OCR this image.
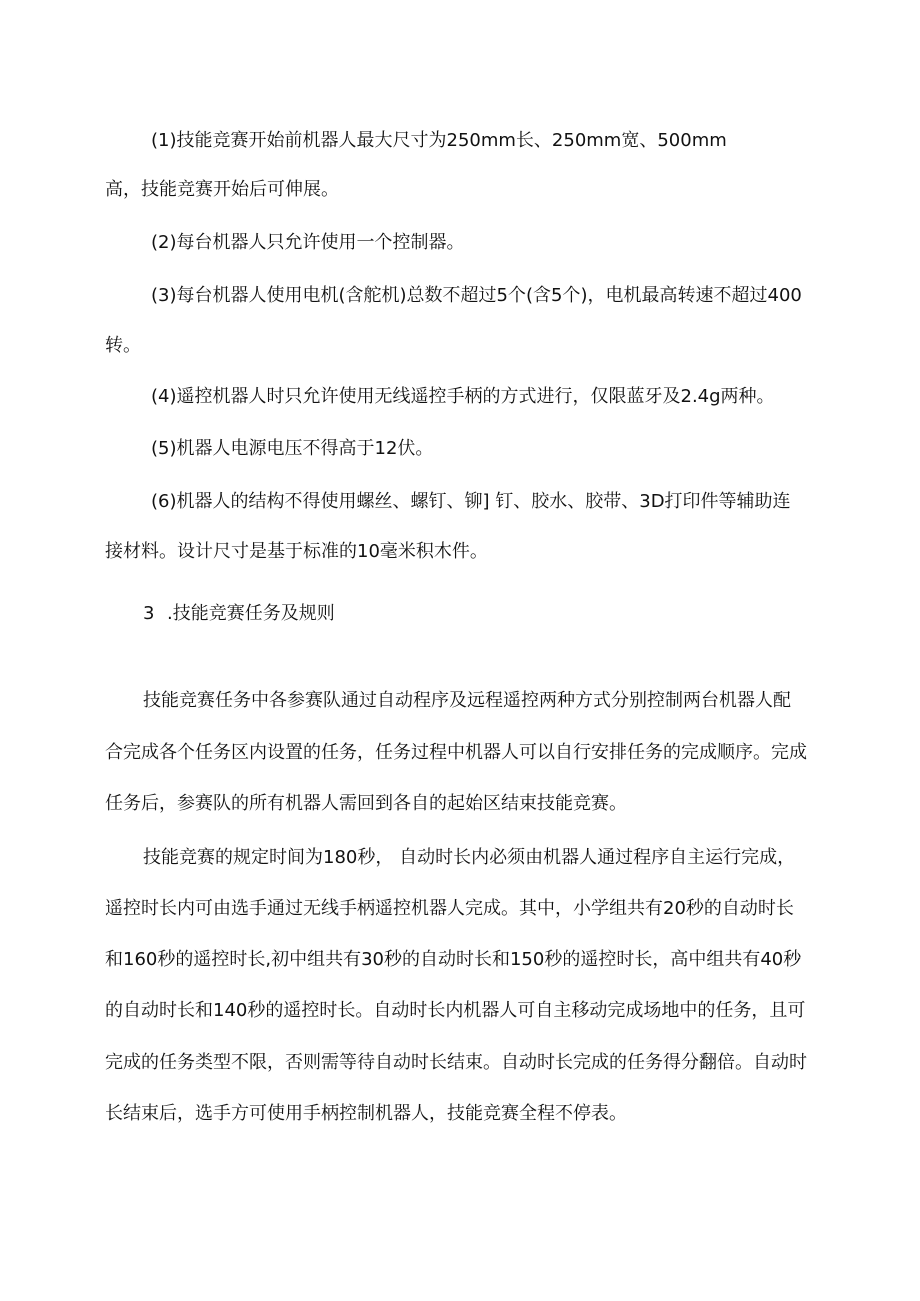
(1)技能竞赛开始前机器人最大尺寸为250mm长、250mm宽、500mm
高，技能竞赛开始后可伸展。
(2)每台机器人只允许使用一个控制器。
(3)每台机器人使用电机(含舵机)总数不超过5个(含5个)，电机最高转速不超过400
转。
(4)遥控机器人时只允许使用无线遥控手柄的方式进行，仅限蓝牙及2.4g两种。
(5)机器人电源电压不得高于12伏。
(6)机器人的结构不得使用螺丝、螺钉、铆] 钉、胶水、胶带、3D打印件等辅助连
接材料。设计尺寸是基于标准的10毫米积木件。
3 .技能竞赛任务及规则
技能竞赛任务中各参赛队通过自动程序及远程遥控两种方式分别控制两台机器人配
合完成各个任务区内设置的任务，任务过程中机器人可以自行安排任务的完成顺序。完成
任务后，参赛队的所有机器人需回到各自的起始区结束技能竞赛。
技能竞赛的规定时间为180秒， 自动时长内必须由机器人通过程序自主运行完成，
遥控时长内可由选手通过无线手柄遥控机器人完成。其中，小学组共有20秒的自动时长
和160秒的遥控时长,初中组共有30秒的自动时长和150秒的遥控时长，高中组共有40秒
的自动时长和140秒的遥控时长。自动时长内机器人可自主移动完成场地中的任务，且可
完成的任务类型不限，否则需等待自动时长结束。自动时长完成的任务得分翻倍。自动时
长结束后，选手方可使用手柄控制机器人，技能竞赛全程不停表。
